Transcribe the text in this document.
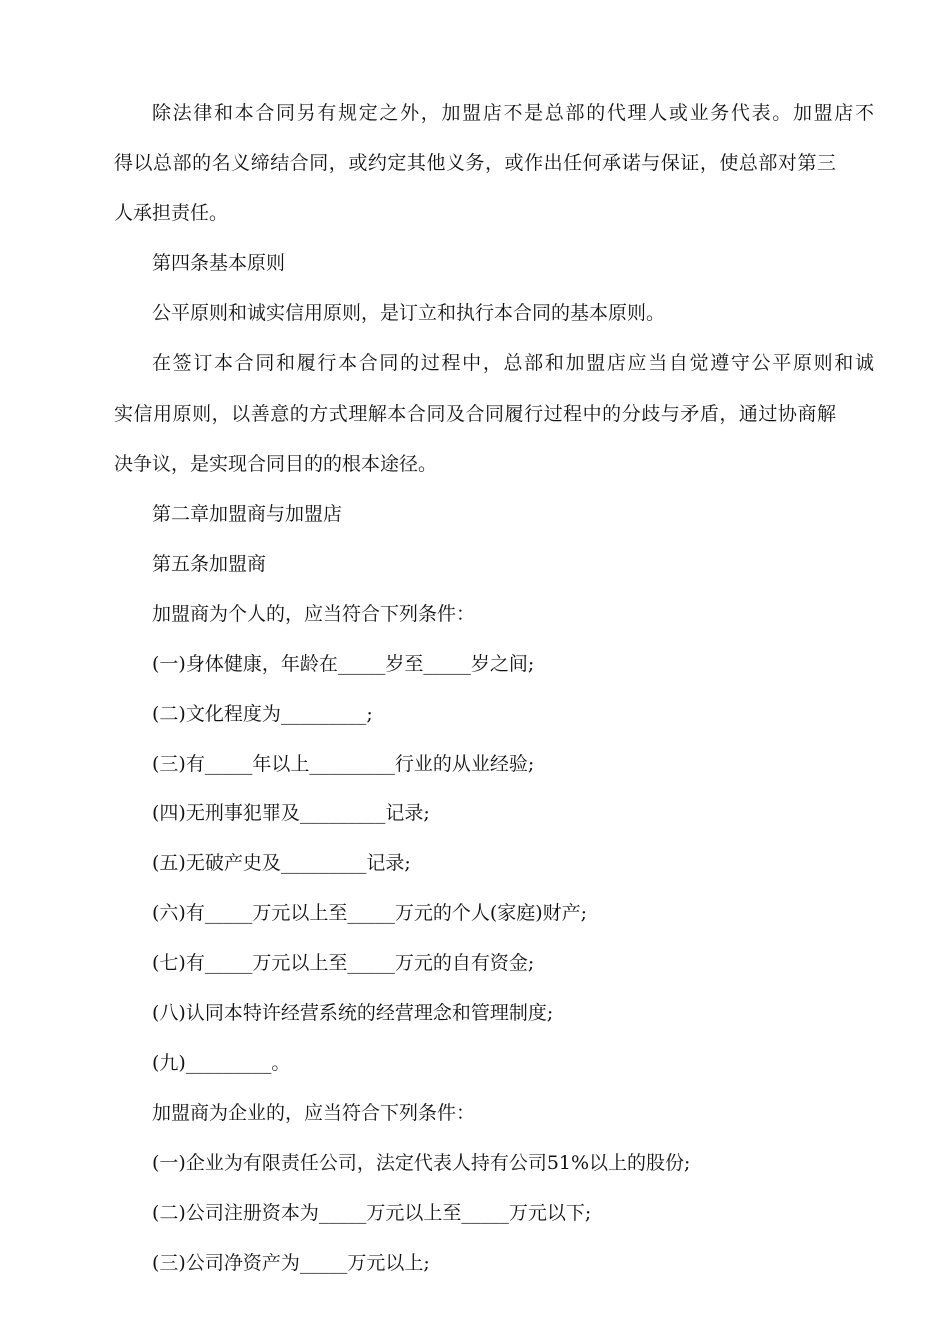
除法律和本合同另有规定之外，加盟店不是总部的代理人或业务代表。加盟店不
得以总部的名义缔结合同，或约定其他义务，或作出任何承诺与保证，使总部对第三
人承担责任。
第四条基本原则
公平原则和诚实信用原则，是订立和执行本合同的基本原则。
在签订本合同和履行本合同的过程中，总部和加盟店应当自觉遵守公平原则和诚
实信用原则，以善意的方式理解本合同及合同履行过程中的分歧与矛盾，通过协商解
决争议，是实现合同目的的根本途径。
第二章加盟商与加盟店
第五条加盟商
加盟商为个人的，应当符合下列条件：
(一)身体健康，年龄在_____岁至_____岁之间;
(二)文化程度为_________;
(三)有_____年以上_________行业的从业经验;
(四)无刑事犯罪及_________记录;
(五)无破产史及_________记录;
(六)有_____万元以上至_____万元的个人(家庭)财产;
(七)有_____万元以上至_____万元的自有资金;
(八)认同本特许经营系统的经营理念和管理制度;
(九)_________。
加盟商为企业的，应当符合下列条件：
(一)企业为有限责任公司，法定代表人持有公司51%以上的股份;
(二)公司注册资本为_____万元以上至_____万元以下;
(三)公司净资产为_____万元以上;
